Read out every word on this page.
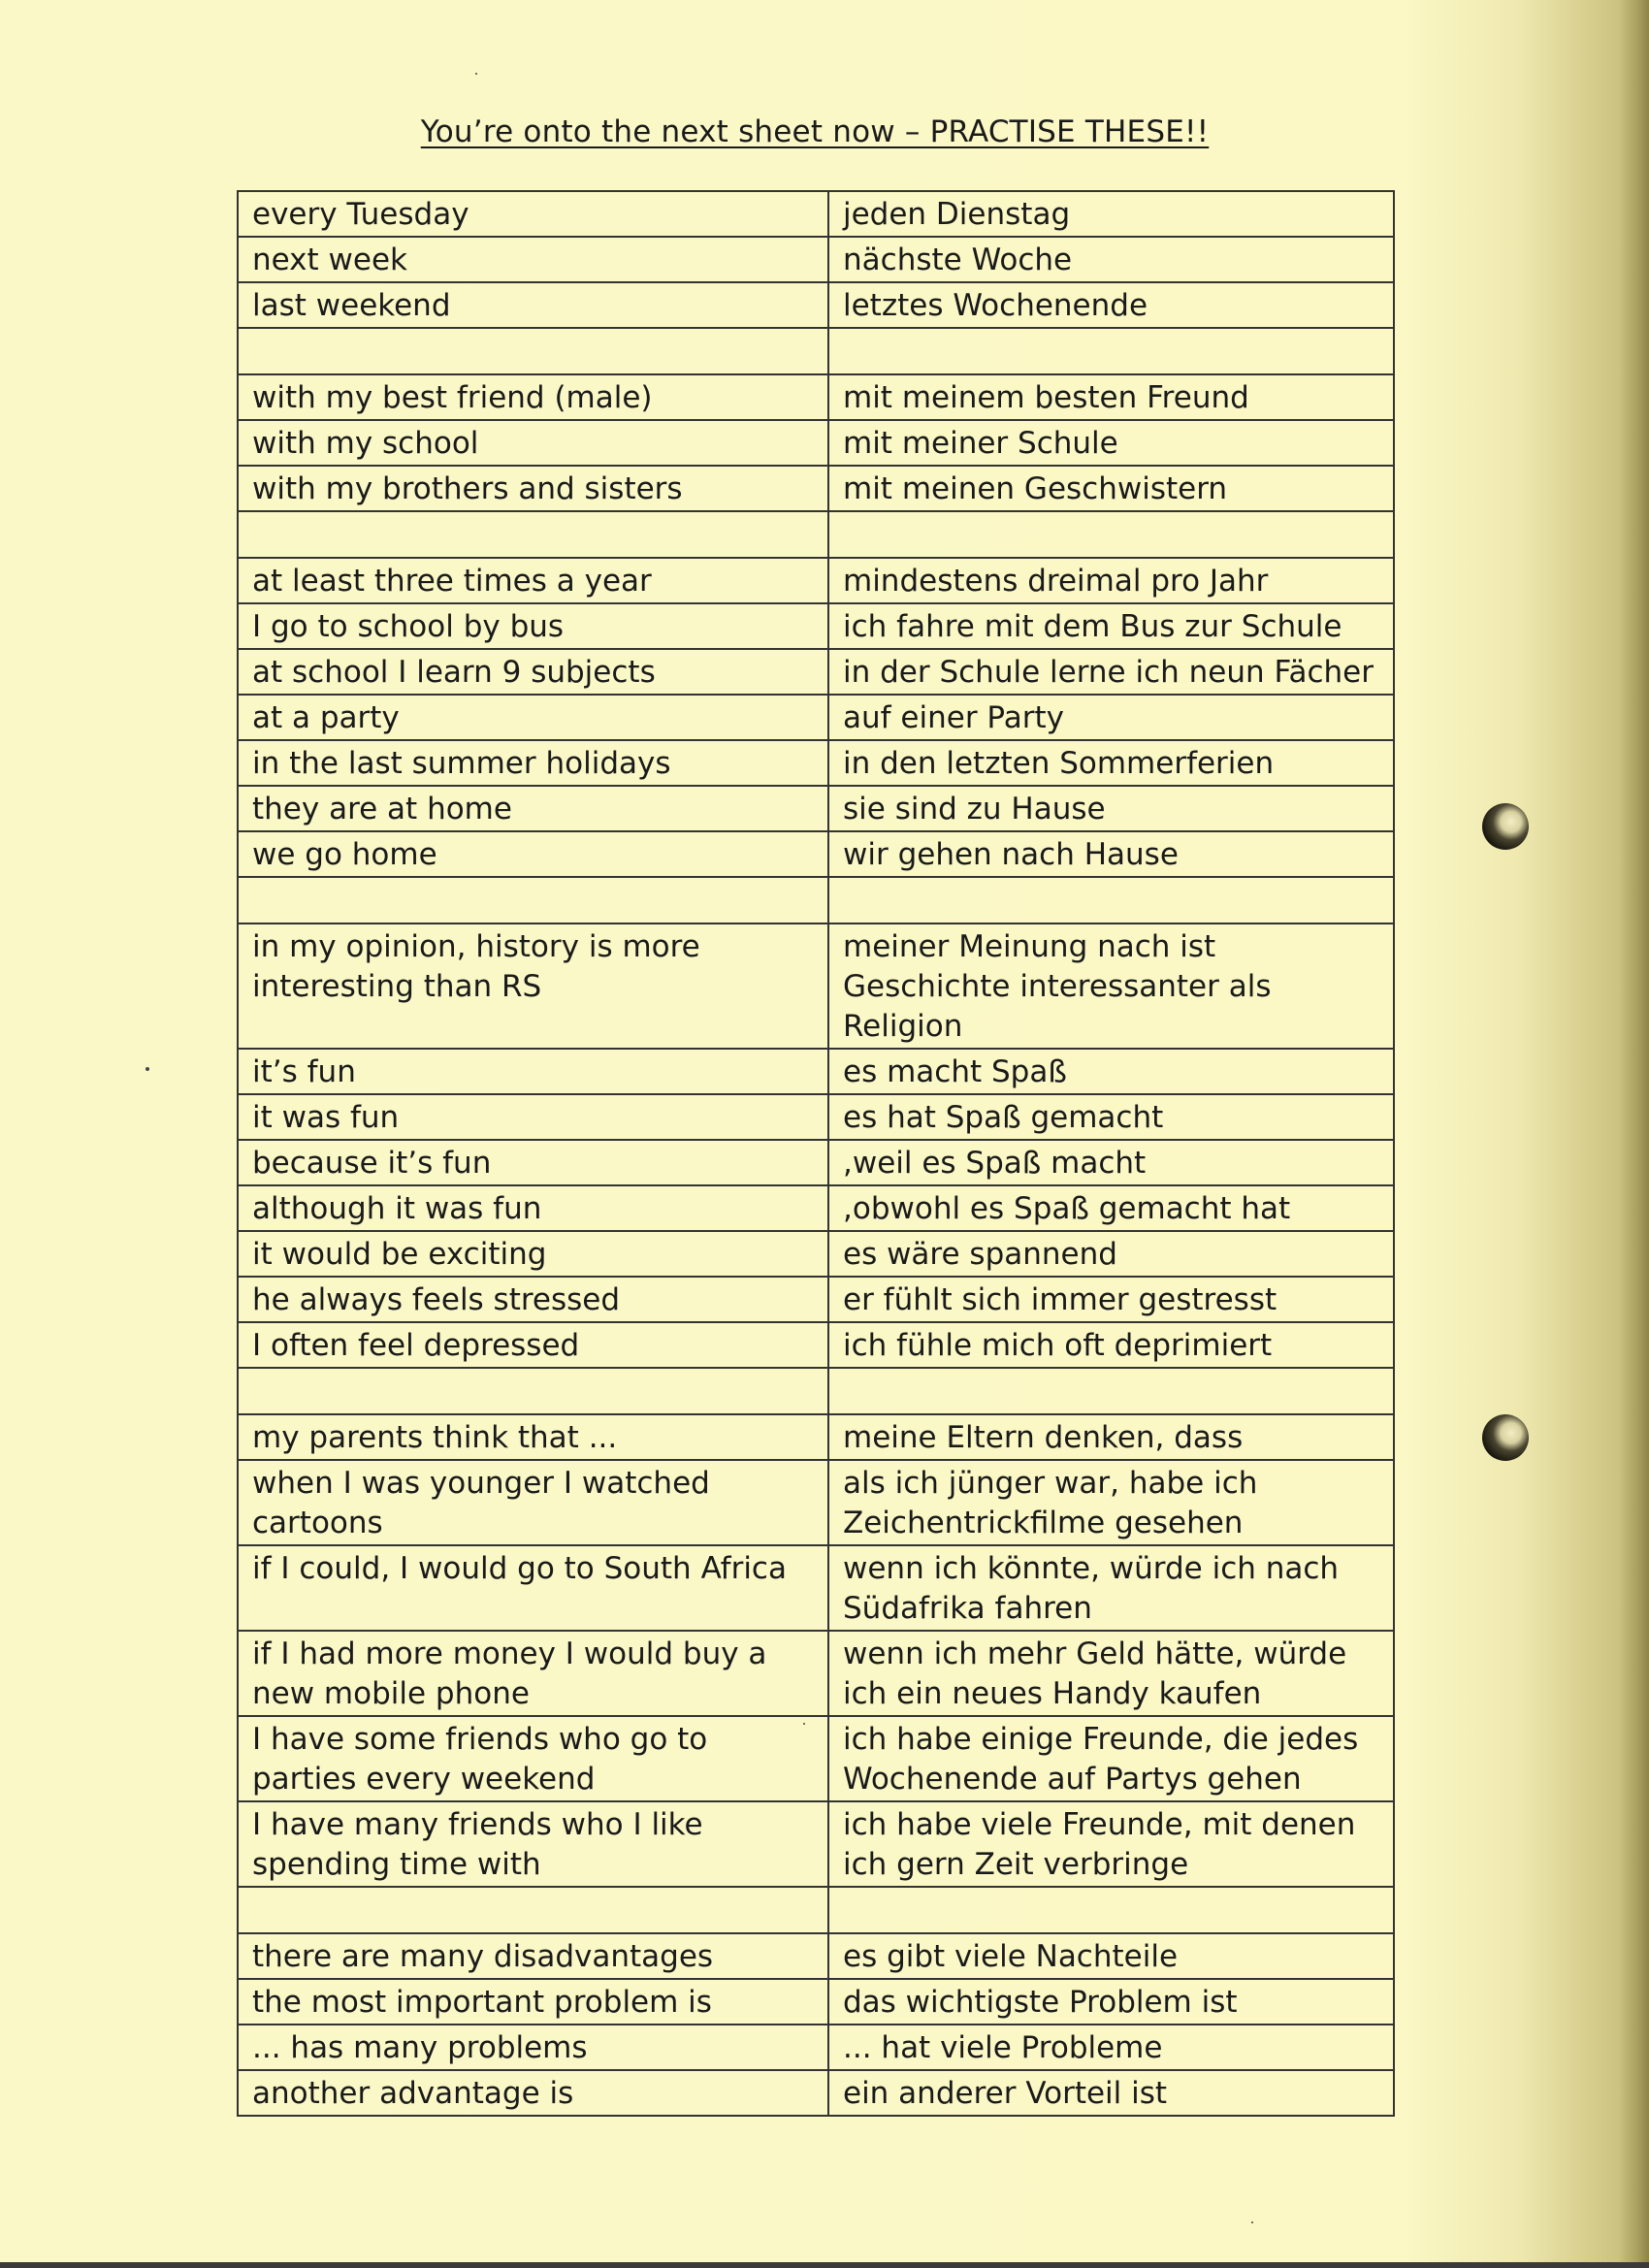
You’re onto the next sheet now – PRACTISE THESE!!
every Tuesday	jeden Dienstag
next week	nächste Woche
last weekend	letztes Wochenende

with my best friend (male)	mit meinem besten Freund
with my school	mit meiner Schule
with my brothers and sisters	mit meinen Geschwistern

at least three times a year	mindestens dreimal pro Jahr
I go to school by bus	ich fahre mit dem Bus zur Schule
at school I learn 9 subjects	in der Schule lerne ich neun Fächer
at a party	auf einer Party
in the last summer holidays	in den letzten Sommerferien
they are at home	sie sind zu Hause
we go home	wir gehen nach Hause

in my opinion, history is more interesting than RS	meiner Meinung nach ist Geschichte interessanter als Religion
it’s fun	es macht Spaß
it was fun	es hat Spaß gemacht
because it’s fun	,weil es Spaß macht
although it was fun	,obwohl es Spaß gemacht hat
it would be exciting	es wäre spannend
he always feels stressed	er fühlt sich immer gestresst
I often feel depressed	ich fühle mich oft deprimiert

my parents think that ...	meine Eltern denken, dass
when I was younger I watched cartoons	als ich jünger war, habe ich Zeichentrickfilme gesehen
if I could, I would go to South Africa	wenn ich könnte, würde ich nach Südafrika fahren
if I had more money I would buy a new mobile phone	wenn ich mehr Geld hätte, würde ich ein neues Handy kaufen
I have some friends who go to parties every weekend	ich habe einige Freunde, die jedes Wochenende auf Partys gehen
I have many friends who I like spending time with	ich habe viele Freunde, mit denen ich gern Zeit verbringe

there are many disadvantages	es gibt viele Nachteile
the most important problem is	das wichtigste Problem ist
... has many problems	... hat viele Probleme
another advantage is	ein anderer Vorteil ist
